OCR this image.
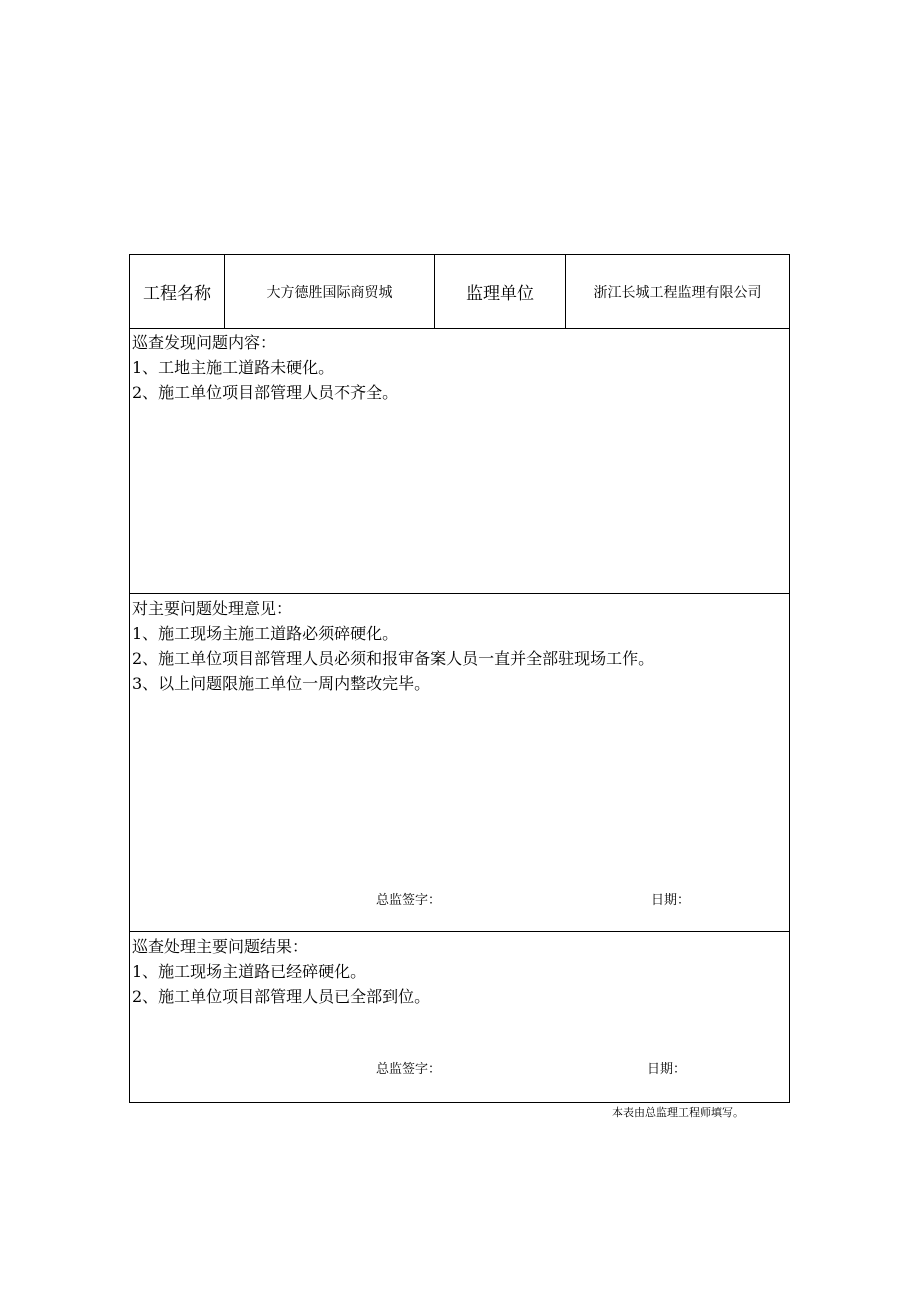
工程名称	大方德胜国际商贸城	监理单位	浙江长城工程监理有限公司
巡查发现问题内容：
1、工地主施工道路未硬化。
2、施工单位项目部管理人员不齐全。
对主要问题处理意见：
1、施工现场主施工道路必须碎硬化。
2、施工单位项目部管理人员必须和报审备案人员一直并全部驻现场工作。
3、以上问题限施工单位一周内整改完毕。
总监签字：	日期：
巡查处理主要问题结果：
1、施工现场主道路已经碎硬化。
2、施工单位项目部管理人员已全部到位。
总监签字：	日期：
本表由总监理工程师填写。
